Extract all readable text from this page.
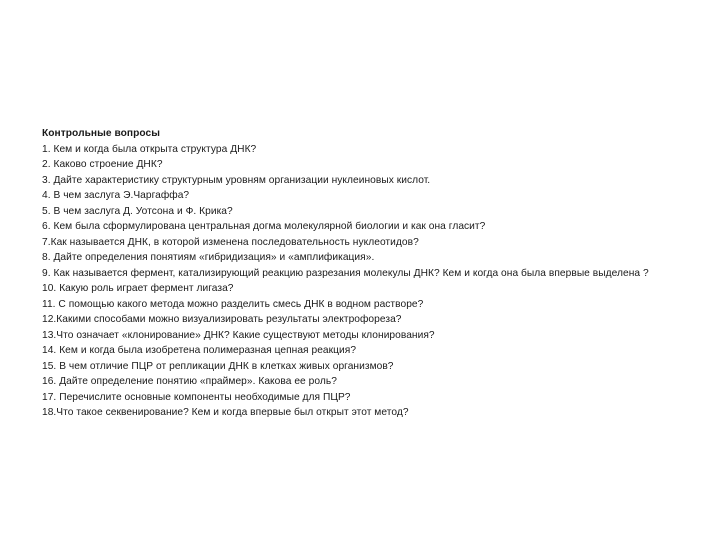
Контрольные вопросы
1. Кем и когда была открыта структура ДНК?
2. Каково строение ДНК?
3. Дайте характеристику структурным уровням организации нуклеиновых кислот.
4. В чем заслуга Э.Чаргаффа?
5. В чем заслуга Д. Уотсона и Ф. Крика?
6. Кем была сформулирована центральная догма молекулярной биологии и как она гласит?
7.Как называется ДНК, в которой изменена последовательность нуклеотидов?
8. Дайте определения понятиям «гибридизация» и «амплификация».
9. Как называется фермент, катализирующий реакцию разрезания молекулы ДНК? Кем и когда она была впервые выделена ?
10. Какую роль играет фермент лигаза?
11. С помощью какого метода можно разделить смесь ДНК в водном растворе?
12.Какими способами можно визуализировать результаты электрофореза?
13.Что означает «клонирование» ДНК? Какие существуют методы клонирования?
14. Кем и когда была изобретена полимеразная цепная реакция?
15. В чем отличие ПЦР от репликации ДНК в клетках живых организмов?
16. Дайте определение понятию «праймер». Какова ее роль?
17. Перечислите основные компоненты необходимые для ПЦР?
18.Что такое секвенирование? Кем и когда впервые был открыт этот метод?
